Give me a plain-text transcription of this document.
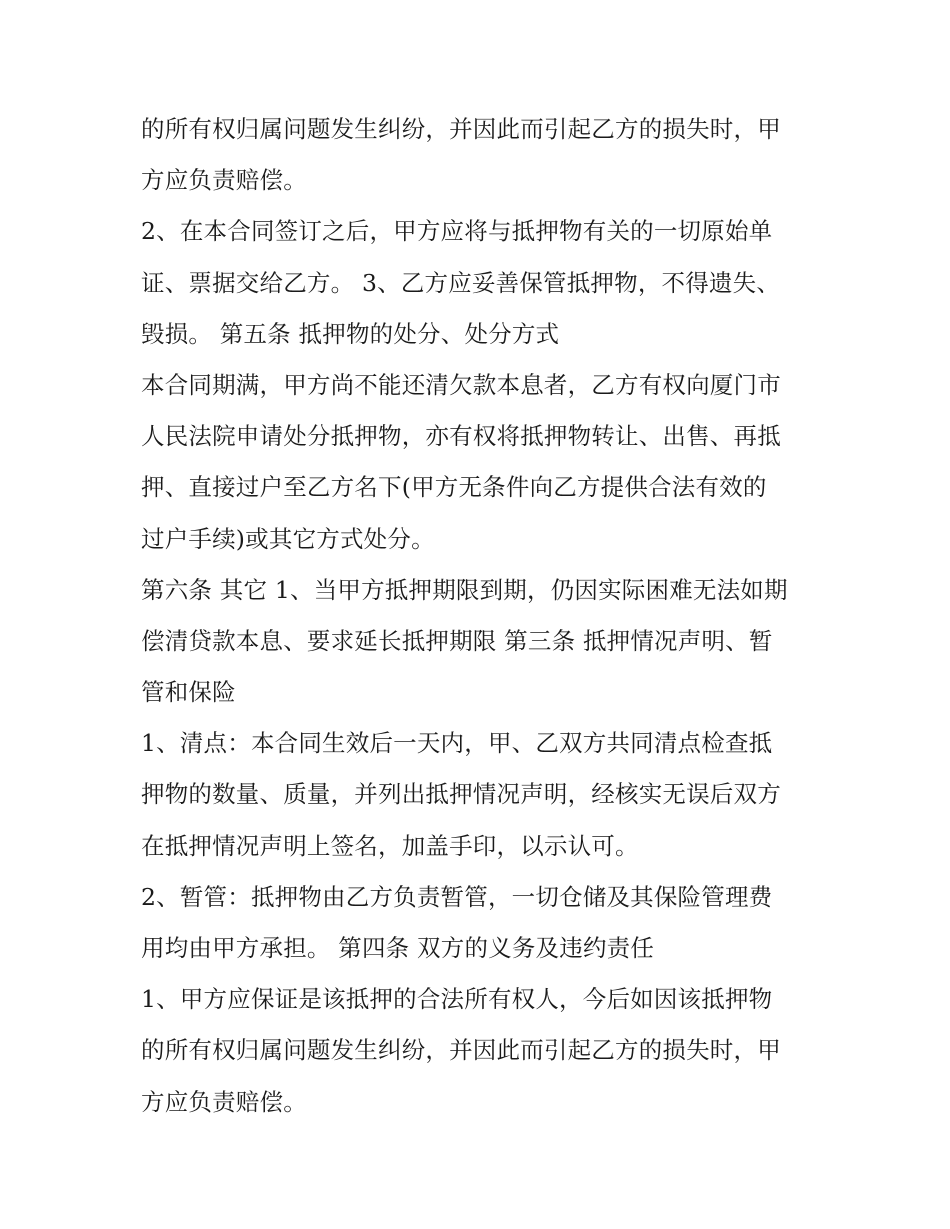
的所有权归属问题发生纠纷，并因此而引起乙方的损失时，甲
方应负责赔偿。
2、在本合同签订之后，甲方应将与抵押物有关的一切原始单
证、票据交给乙方。 3、乙方应妥善保管抵押物，不得遗失、
毁损。 第五条 抵押物的处分、处分方式
本合同期满，甲方尚不能还清欠款本息者，乙方有权向厦门市
人民法院申请处分抵押物，亦有权将抵押物转让、出售、再抵
押、直接过户至乙方名下(甲方无条件向乙方提供合法有效的
过户手续)或其它方式处分。
第六条 其它 1、当甲方抵押期限到期，仍因实际困难无法如期
偿清贷款本息、要求延长抵押期限 第三条 抵押情况声明、暂
管和保险
1、清点：本合同生效后一天内，甲、乙双方共同清点检查抵
押物的数量、质量，并列出抵押情况声明，经核实无误后双方
在抵押情况声明上签名，加盖手印，以示认可。
2、暂管：抵押物由乙方负责暂管，一切仓储及其保险管理费
用均由甲方承担。 第四条 双方的义务及违约责任
1、甲方应保证是该抵押的合法所有权人，今后如因该抵押物
的所有权归属问题发生纠纷，并因此而引起乙方的损失时，甲
方应负责赔偿。
